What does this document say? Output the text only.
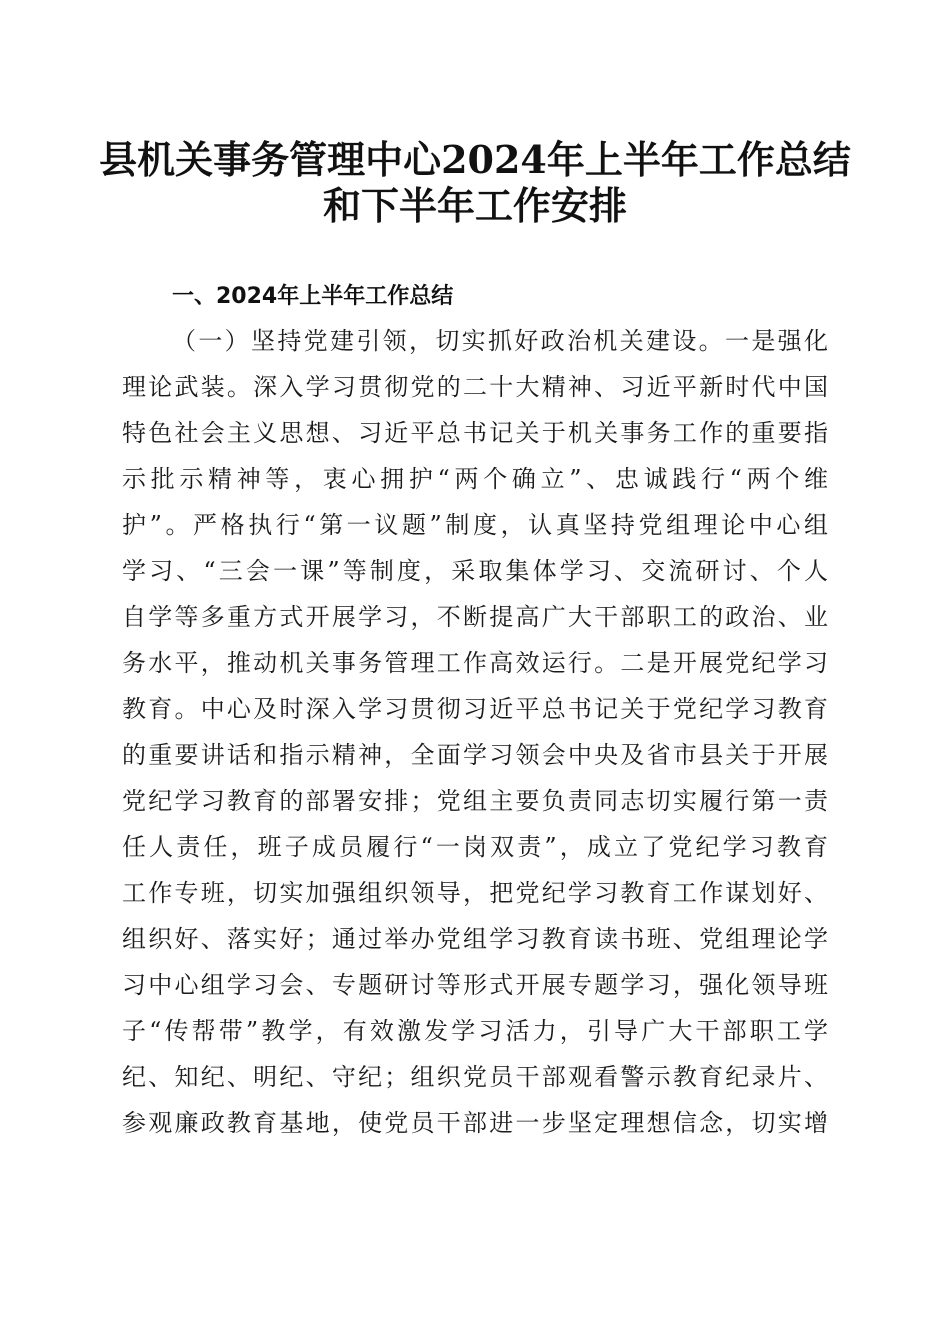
县机关事务管理中心2024年上半年工作总结
和下半年工作安排
一、2024年上半年工作总结
（一）坚持党建引领，切实抓好政治机关建设。一是强化
理论武装。深入学习贯彻党的二十大精神、习近平新时代中国
特色社会主义思想、习近平总书记关于机关事务工作的重要指
示批示精神等，衷心拥护“两个确立”、忠诚践行“两个维
护”。严格执行“第一议题”制度，认真坚持党组理论中心组
学习、“三会一课”等制度，采取集体学习、交流研讨、个人
自学等多重方式开展学习，不断提高广大干部职工的政治、业
务水平，推动机关事务管理工作高效运行。二是开展党纪学习
教育。中心及时深入学习贯彻习近平总书记关于党纪学习教育
的重要讲话和指示精神，全面学习领会中央及省市县关于开展
党纪学习教育的部署安排；党组主要负责同志切实履行第一责
任人责任，班子成员履行“一岗双责”，成立了党纪学习教育
工作专班，切实加强组织领导，把党纪学习教育工作谋划好、
组织好、落实好；通过举办党组学习教育读书班、党组理论学
习中心组学习会、专题研讨等形式开展专题学习，强化领导班
子“传帮带”教学，有效激发学习活力，引导广大干部职工学
纪、知纪、明纪、守纪；组织党员干部观看警示教育纪录片、
参观廉政教育基地，使党员干部进一步坚定理想信念，切实增
